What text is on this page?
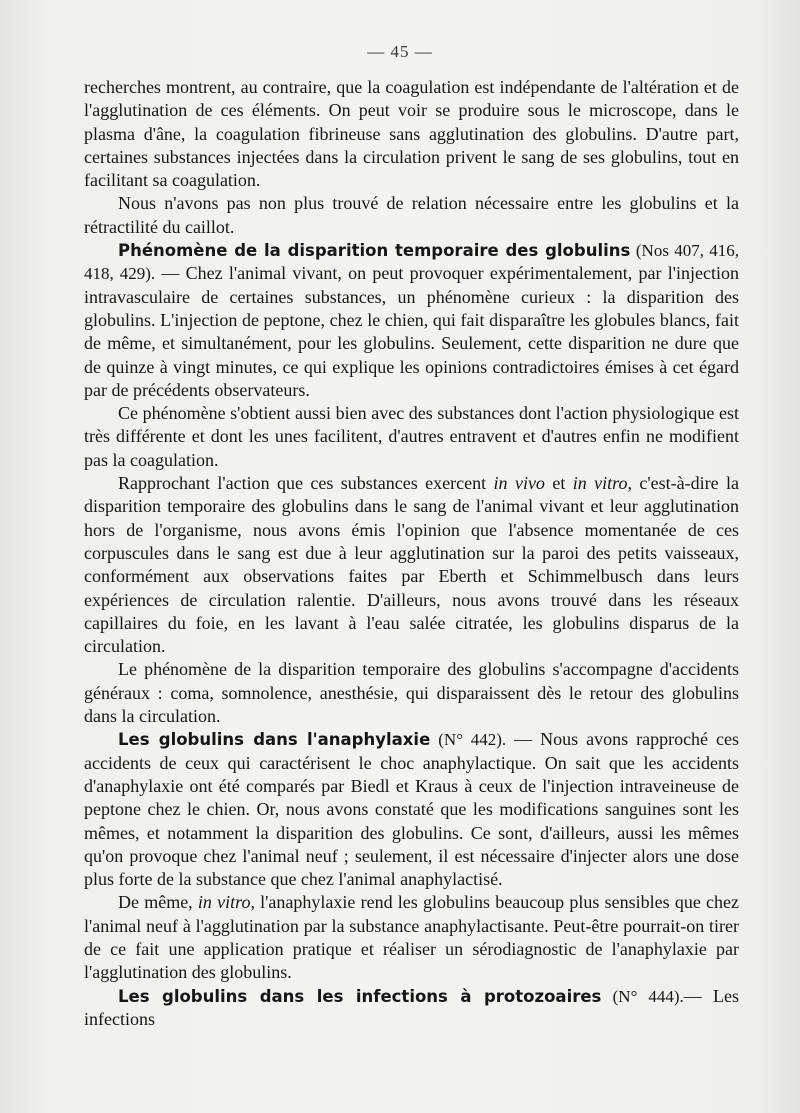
— 45 —

recherches montrent, au contraire, que la coagulation est indépendante de l'altération et de l'agglutination de ces éléments. On peut voir se produire sous le microscope, dans le plasma d'âne, la coagulation fibrineuse sans agglutination des globulins. D'autre part, certaines substances injectées dans la circulation privent le sang de ses globulins, tout en facilitant sa coagulation.

Nous n'avons pas non plus trouvé de relation nécessaire entre les globulins et la rétractilité du caillot.

Phénomène de la disparition temporaire des globulins (Nos 407, 416, 418, 429). — Chez l'animal vivant, on peut provoquer expérimentalement, par l'injection intravasculaire de certaines substances, un phénomène curieux : la disparition des globulins. L'injection de peptone, chez le chien, qui fait disparaître les globules blancs, fait de même, et simultanément, pour les globulins. Seulement, cette disparition ne dure que de quinze à vingt minutes, ce qui explique les opinions contradictoires émises à cet égard par de précédents observateurs.

Ce phénomène s'obtient aussi bien avec des substances dont l'action physiologique est très différente et dont les unes facilitent, d'autres entravent et d'autres enfin ne modifient pas la coagulation.

Rapprochant l'action que ces substances exercent in vivo et in vitro, c'est-à-dire la disparition temporaire des globulins dans le sang de l'animal vivant et leur agglutination hors de l'organisme, nous avons émis l'opinion que l'absence momentanée de ces corpuscules dans le sang est due à leur agglutination sur la paroi des petits vaisseaux, conformément aux observations faites par Eberth et Schimmelbusch dans leurs expériences de circulation ralentie. D'ailleurs, nous avons trouvé dans les réseaux capillaires du foie, en les lavant à l'eau salée citratée, les globulins disparus de la circulation.

Le phénomène de la disparition temporaire des globulins s'accompagne d'accidents généraux : coma, somnolence, anesthésie, qui disparaissent dès le retour des globulins dans la circulation.

Les globulins dans l'anaphylaxie (N° 442). — Nous avons rapproché ces accidents de ceux qui caractérisent le choc anaphylactique. On sait que les accidents d'anaphylaxie ont été comparés par Biedl et Kraus à ceux de l'injection intraveineuse de peptone chez le chien. Or, nous avons constaté que les modifications sanguines sont les mêmes, et notamment la disparition des globulins. Ce sont, d'ailleurs, aussi les mêmes qu'on provoque chez l'animal neuf ; seulement, il est nécessaire d'injecter alors une dose plus forte de la substance que chez l'animal anaphylactisé.

De même, in vitro, l'anaphylaxie rend les globulins beaucoup plus sensibles que chez l'animal neuf à l'agglutination par la substance anaphylactisante. Peut-être pourrait-on tirer de ce fait une application pratique et réaliser un sérodiagnostic de l'anaphylaxie par l'agglutination des globulins.

Les globulins dans les infections à protozoaires (N° 444).— Les infections
